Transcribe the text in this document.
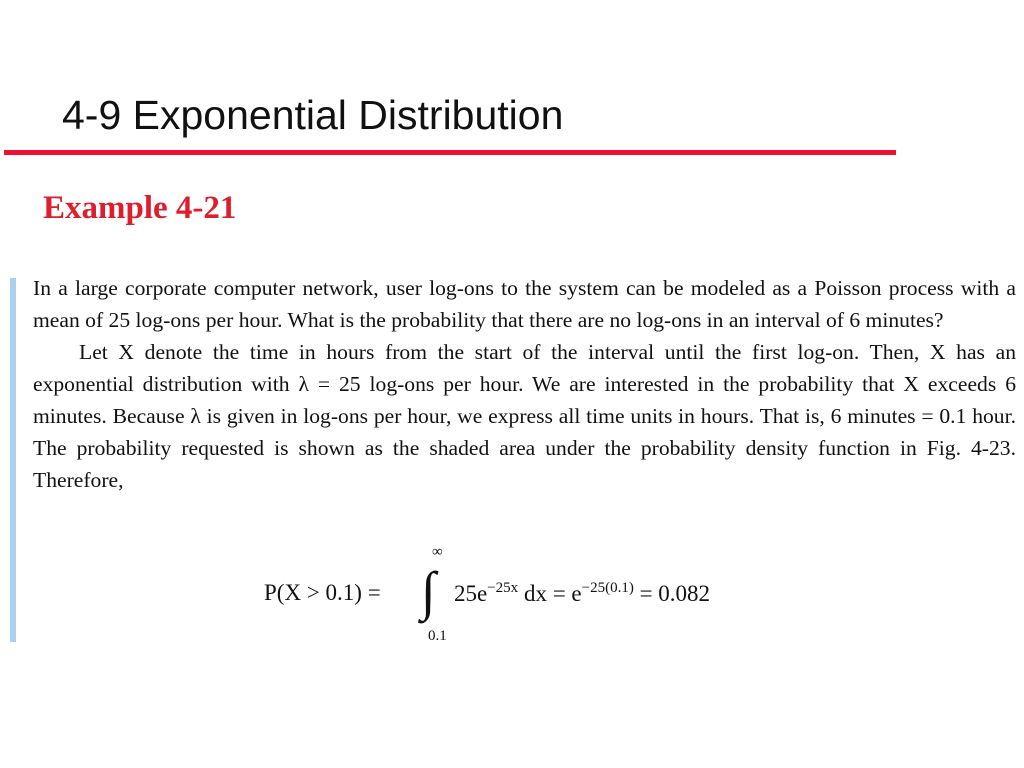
4-9 Exponential Distribution
Example 4-21

In a large corporate computer network, user log-ons to the system can be modeled as a Poisson process with a mean of 25 log-ons per hour. What is the probability that there are no log-ons in an interval of 6 minutes?

Let X denote the time in hours from the start of the interval until the first log-on. Then, X has an exponential distribution with λ = 25 log-ons per hour. We are interested in the probability that X exceeds 6 minutes. Because λ is given in log-ons per hour, we express all time units in hours. That is, 6 minutes = 0.1 hour. The probability requested is shown as the shaded area under the probability density function in Fig. 4-23. Therefore,

P(X > 0.1) =
∞
∫
0.1
$25e^{-25x}$ dx = $e^{-25(0.1)} = 0.082$
